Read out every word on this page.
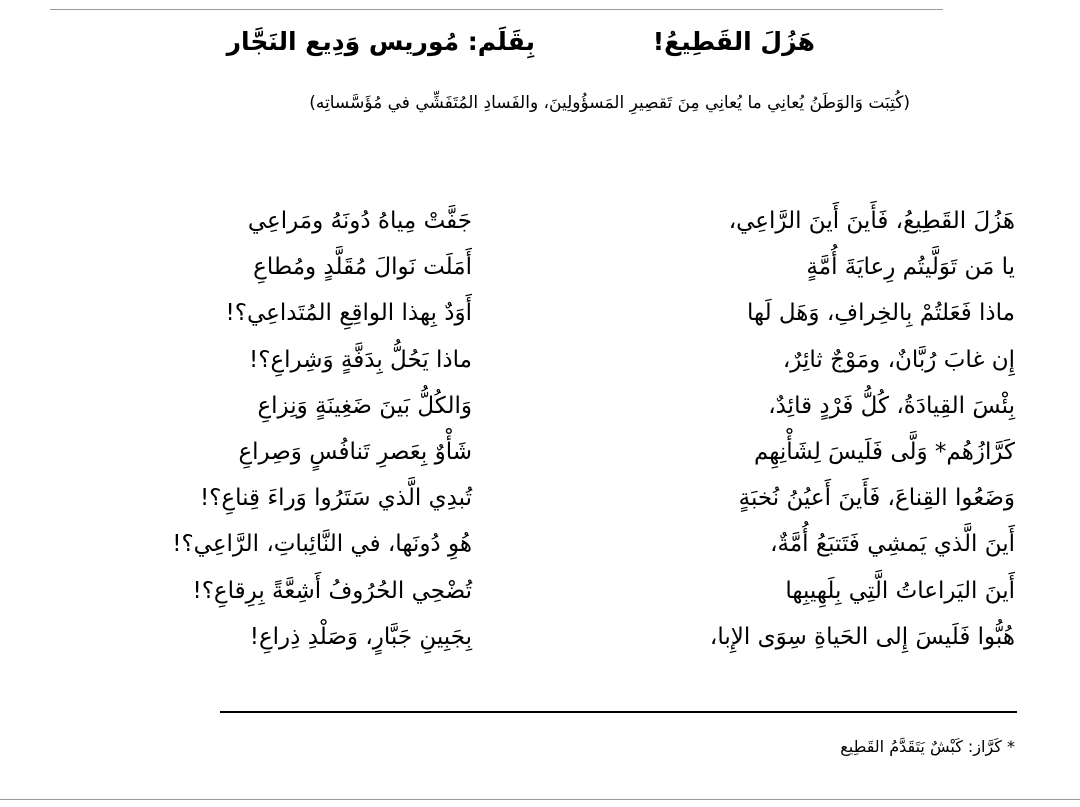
هَزُلَ القَطِيعُ!
بِقَلَم: مُوريس وَدِيع النَجَّار
(كُتِبَت وَالوَطَنُ يُعانِي ما يُعانِي مِنَ تَقصِيرِ المَسؤُولِينَ، والفَسادِ المُتَفَشِّي في مُؤَسَّساتِه)
هَزُلَ القَطِيعُ، فَأَينَ أَينَ الرَّاعِي،
جَفَّتْ مِياهُ دُونَهُ ومَراعِي
يا مَن تَوَلَّيتُم رِعايَةَ أُمَّةٍ
أَمَلَت نَوالَ مُقَلَّدٍ ومُطاعِ
ماذا فَعَلتُمْ بِالخِرافِ، وَهَل لَها
أَوَدٌ بِهذا الواقِعِ المُتَداعِي؟!
إِن غابَ رُبَّانٌ، ومَوْجٌ ثائِرٌ،
ماذا يَحُلُّ بِدَفَّةٍ وَشِراعِ؟!
بِئْسَ القِيادَةُ، كُلُّ فَرْدٍ قائِدٌ،
وَالكُلُّ بَينَ ضَغِينَةٍ وَنِزاعِ
كَرَّازُهُم* وَلَّى فَلَيسَ لِشَأْنِهِم
شَأْوٌ بِعَصرِ تَنافُسٍ وَصِراعِ
وَضَعُوا القِناعَ، فَأَينَ أَعيُنُ نُخبَةٍ
تُبدِي الَّذي سَتَرُوا وَراءَ قِناعِ؟!
أَينَ الَّذي يَمشِي فَتَتبَعُ أُمَّةٌ،
هُوِ دُونَها، في النَّائِباتِ، الرَّاعِي؟!
أَينَ اليَراعاتُ الَّتِي بِلَهِيبِها
تُضْحِي الحُرُوفُ أَشِعَّةً بِرِقاعِ؟!
هُبُّوا فَلَيسَ إِلى الحَياةِ سِوَى الإِبا،
بِجَبِينِ جَبَّارٍ، وَصَلْدِ ذِراعِ!
* كَرَّاز: كَبْشٌ يَتَقَدَّمُ القَطِيع
